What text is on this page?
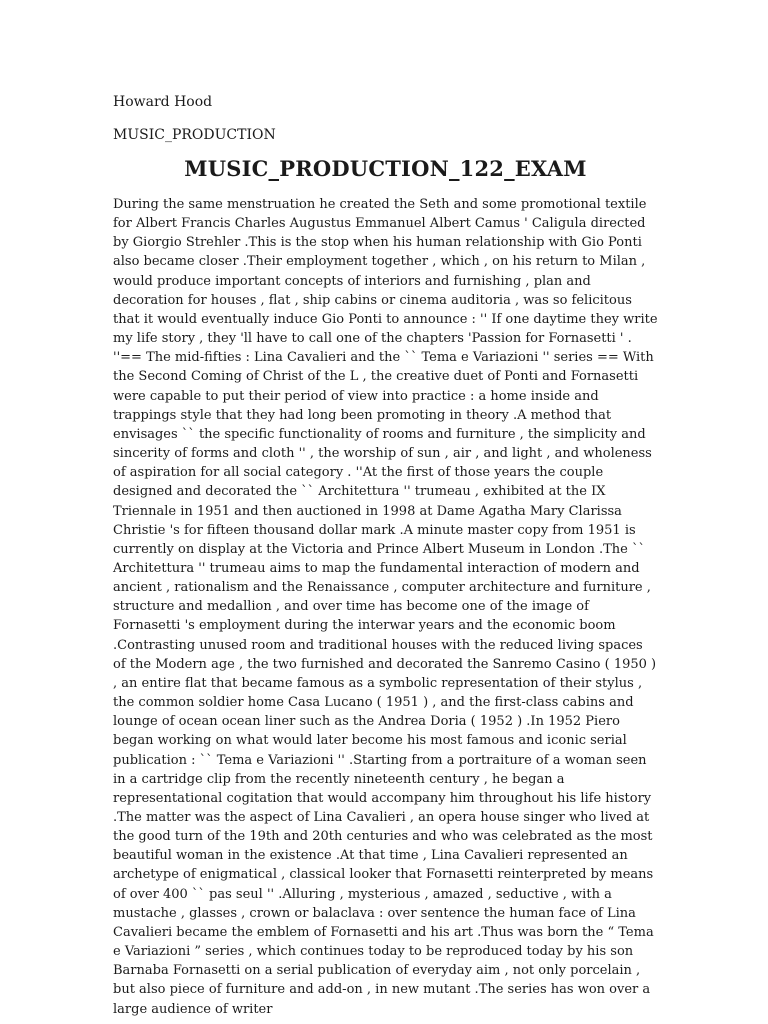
Howard Hood
MUSIC_PRODUCTION
MUSIC_PRODUCTION_122_EXAM

During the same menstruation he created the Seth and some promotional textile for Albert Francis Charles Augustus Emmanuel Albert Camus ' Caligula directed by Giorgio Strehler .This is the stop when his human relationship with Gio Ponti also became closer .Their employment together , which , on his return to Milan , would produce important concepts of interiors and furnishing , plan and decoration for houses , flat , ship cabins or cinema auditoria , was so felicitous that it would eventually induce Gio Ponti to announce : '' If one daytime they write my life story , they 'll have to call one of the chapters 'Passion for Fornasetti ' . ''== The mid-fifties : Lina Cavalieri and the `` Tema e Variazioni '' series == With the Second Coming of Christ of the L , the creative duet of Ponti and Fornasetti were capable to put their period of view into practice : a home inside and trappings style that they had long been promoting in theory .A method that envisages `` the specific functionality of rooms and furniture , the simplicity and sincerity of forms and cloth '' , the worship of sun , air , and light , and wholeness of aspiration for all social category . ''At the first of those years the couple designed and decorated the `` Architettura '' trumeau , exhibited at the IX Triennale in 1951 and then auctioned in 1998 at Dame Agatha Mary Clarissa Christie 's for fifteen thousand dollar mark .A minute master copy from 1951 is currently on display at the Victoria and Prince Albert Museum in London .The `` Architettura '' trumeau aims to map the fundamental interaction of modern and ancient , rationalism and the Renaissance , computer architecture and furniture , structure and medallion , and over time has become one of the image of Fornasetti 's employment during the interwar years and the economic boom .Contrasting unused room and traditional houses with the reduced living spaces of the Modern age , the two furnished and decorated the Sanremo Casino ( 1950 ) , an entire flat that became famous as a symbolic representation of their stylus , the common soldier home Casa Lucano ( 1951 ) , and the first-class cabins and lounge of ocean ocean liner such as the Andrea Doria ( 1952 ) .In 1952 Piero began working on what would later become his most famous and iconic serial publication : `` Tema e Variazioni '' .Starting from a portraiture of a woman seen in a cartridge clip from the recently nineteenth century , he began a representational cogitation that would accompany him throughout his life history .The matter was the aspect of Lina Cavalieri , an opera house singer who lived at the good turn of the 19th and 20th centuries and who was celebrated as the most beautiful woman in the existence .At that time , Lina Cavalieri represented an archetype of enigmatical , classical looker that Fornasetti reinterpreted by means of over 400 `` pas seul '' .Alluring , mysterious , amazed , seductive , with a mustache , glasses , crown or balaclava : over sentence the human face of Lina Cavalieri became the emblem of Fornasetti and his art .Thus was born the “ Tema e Variazioni ” series , which continues today to be reproduced today by his son Barnaba Fornasetti on a serial publication of everyday aim , not only porcelain , but also piece of furniture and add-on , in new mutant .The series has won over a large audience of writer
